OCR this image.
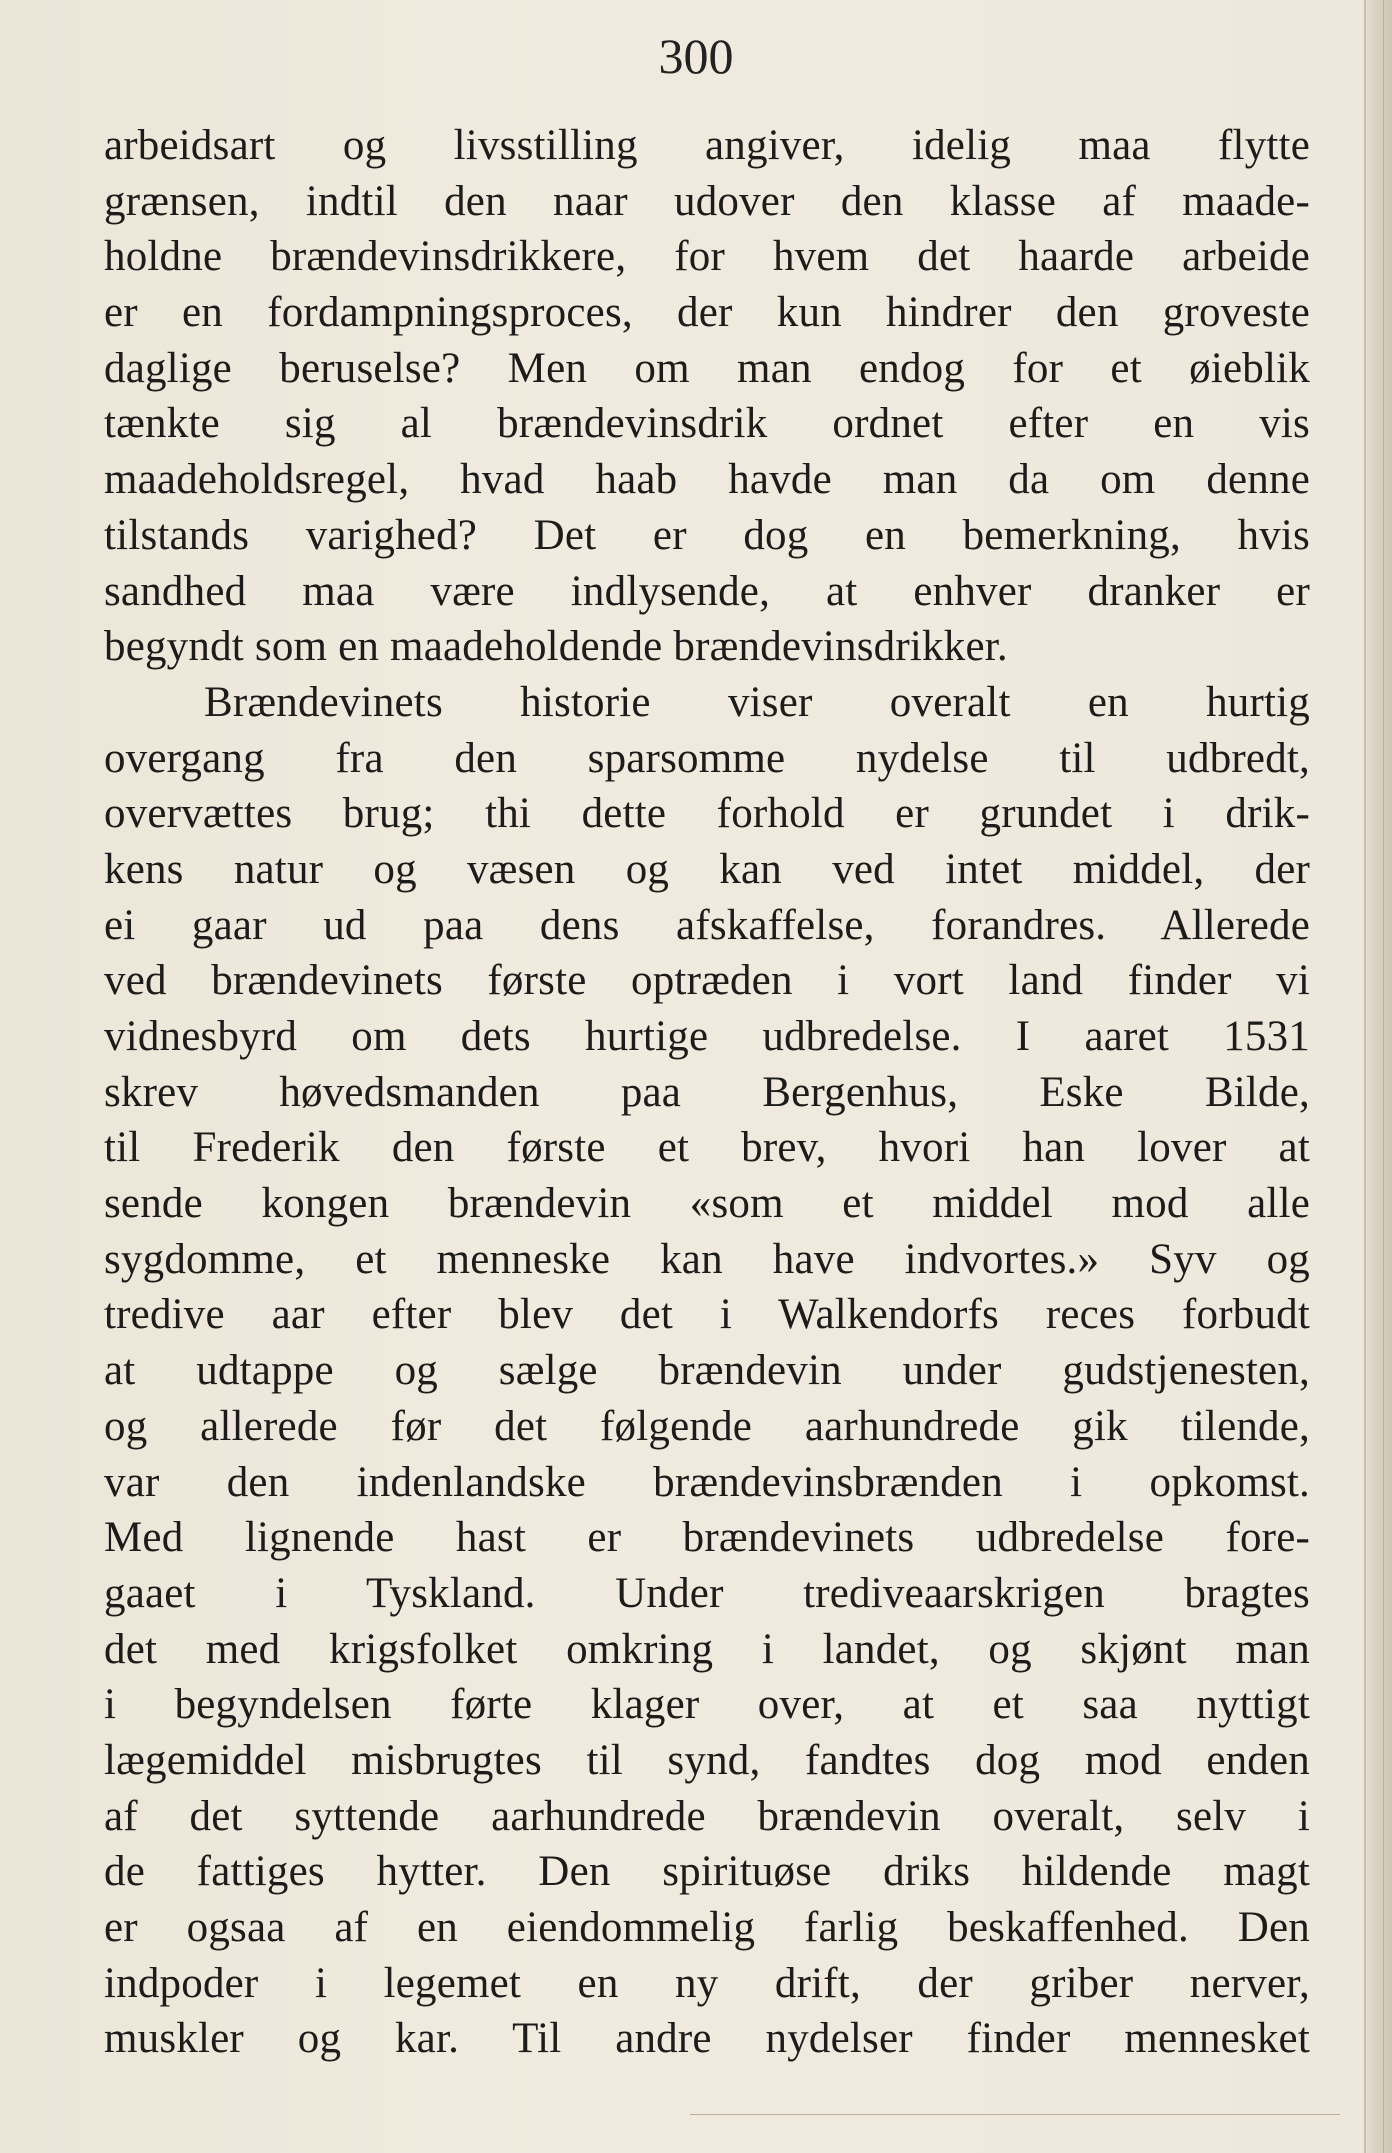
300
arbeidsart og livsstilling angiver, idelig maa flytte
grænsen, indtil den naar udover den klasse af maade-
holdne brændevinsdrikkere, for hvem det haarde arbeide
er en fordampningsproces, der kun hindrer den groveste
daglige beruselse? Men om man endog for et øieblik
tænkte sig al brændevinsdrik ordnet efter en vis
maadeholdsregel, hvad haab havde man da om denne
tilstands varighed? Det er dog en bemerkning, hvis
sandhed maa være indlysende, at enhver dranker er
begyndt som en maadeholdende brændevinsdrikker.
Brændevinets historie viser overalt en hurtig
overgang fra den sparsomme nydelse til udbredt,
overvættes brug; thi dette forhold er grundet i drik-
kens natur og væsen og kan ved intet middel, der
ei gaar ud paa dens afskaffelse, forandres. Allerede
ved brændevinets første optræden i vort land finder vi
vidnesbyrd om dets hurtige udbredelse. I aaret 1531
skrev høvedsmanden paa Bergenhus, Eske Bilde,
til Frederik den første et brev, hvori han lover at
sende kongen brændevin «som et middel mod alle
sygdomme, et menneske kan have indvortes.» Syv og
tredive aar efter blev det i Walkendorfs reces forbudt
at udtappe og sælge brændevin under gudstjenesten,
og allerede før det følgende aarhundrede gik tilende,
var den indenlandske brændevinsbrænden i opkomst.
Med lignende hast er brændevinets udbredelse fore-
gaaet i Tyskland. Under trediveaarskrigen bragtes
det med krigsfolket omkring i landet, og skjønt man
i begyndelsen førte klager over, at et saa nyttigt
lægemiddel misbrugtes til synd, fandtes dog mod enden
af det syttende aarhundrede brændevin overalt, selv i
de fattiges hytter. Den spirituøse driks hildende magt
er ogsaa af en eiendommelig farlig beskaffenhed. Den
indpoder i legemet en ny drift, der griber nerver,
muskler og kar. Til andre nydelser finder mennesket
